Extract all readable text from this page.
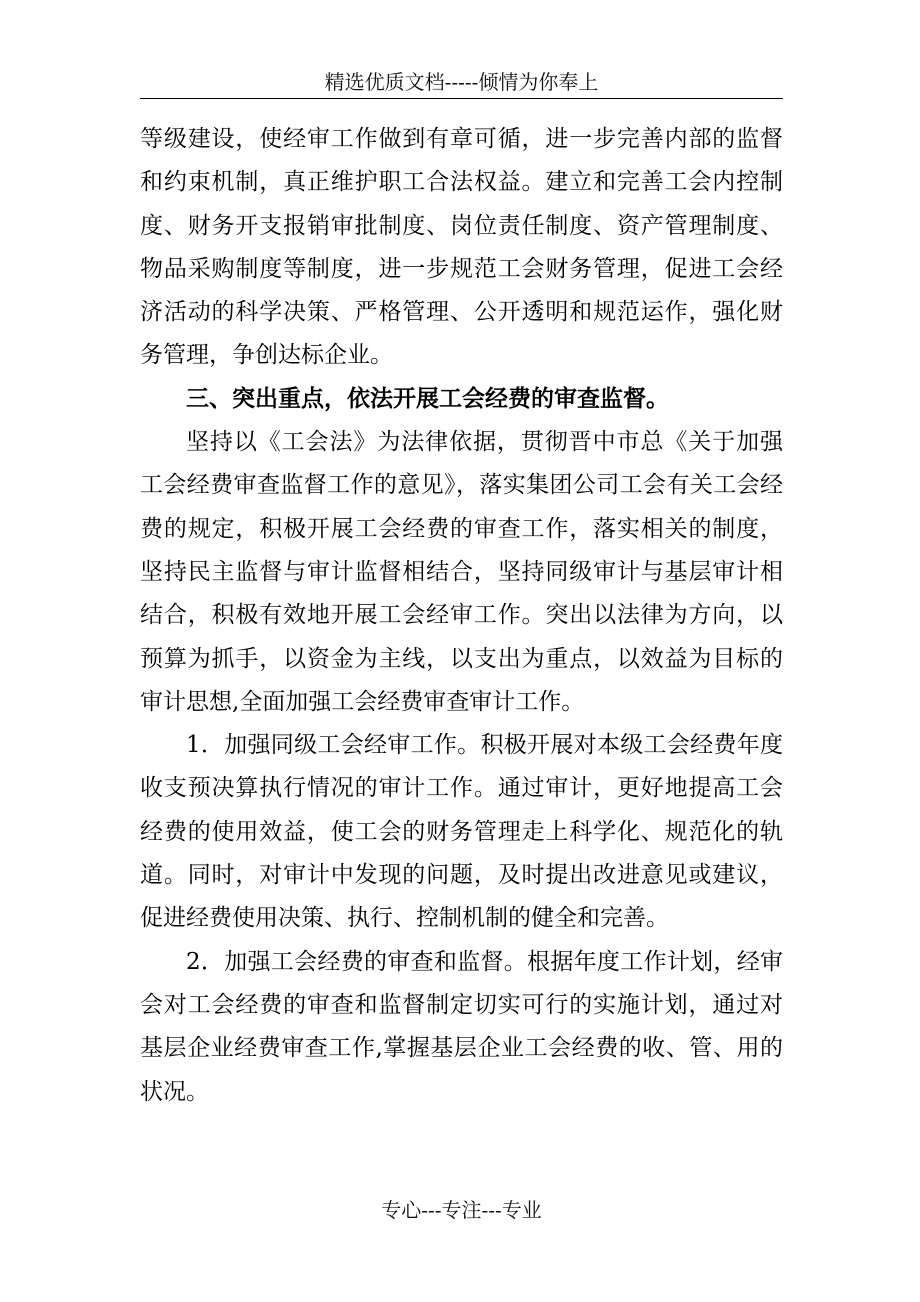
精选优质文档-----倾情为你奉上

等级建设，使经审工作做到有章可循，进一步完善内部的监督和约束机制，真正维护职工合法权益。建立和完善工会内控制度、财务开支报销审批制度、岗位责任制度、资产管理制度、物品采购制度等制度，进一步规范工会财务管理，促进工会经济活动的科学决策、严格管理、公开透明和规范运作，强化财务管理，争创达标企业。

三、突出重点，依法开展工会经费的审查监督。

坚持以《工会法》为法律依据，贯彻晋中市总《关于加强工会经费审查监督工作的意见》，落实集团公司工会有关工会经费的规定，积极开展工会经费的审查工作，落实相关的制度，坚持民主监督与审计监督相结合，坚持同级审计与基层审计相结合，积极有效地开展工会经审工作。突出以法律为方向，以预算为抓手，以资金为主线，以支出为重点，以效益为目标的审计思想,全面加强工会经费审查审计工作。

1．加强同级工会经审工作。积极开展对本级工会经费年度收支预决算执行情况的审计工作。通过审计，更好地提高工会经费的使用效益，使工会的财务管理走上科学化、规范化的轨道。同时，对审计中发现的问题，及时提出改进意见或建议，促进经费使用决策、执行、控制机制的健全和完善。

2．加强工会经费的审查和监督。根据年度工作计划，经审会对工会经费的审查和监督制定切实可行的实施计划，通过对基层企业经费审查工作,掌握基层企业工会经费的收、管、用的状况。

专心---专注---专业
